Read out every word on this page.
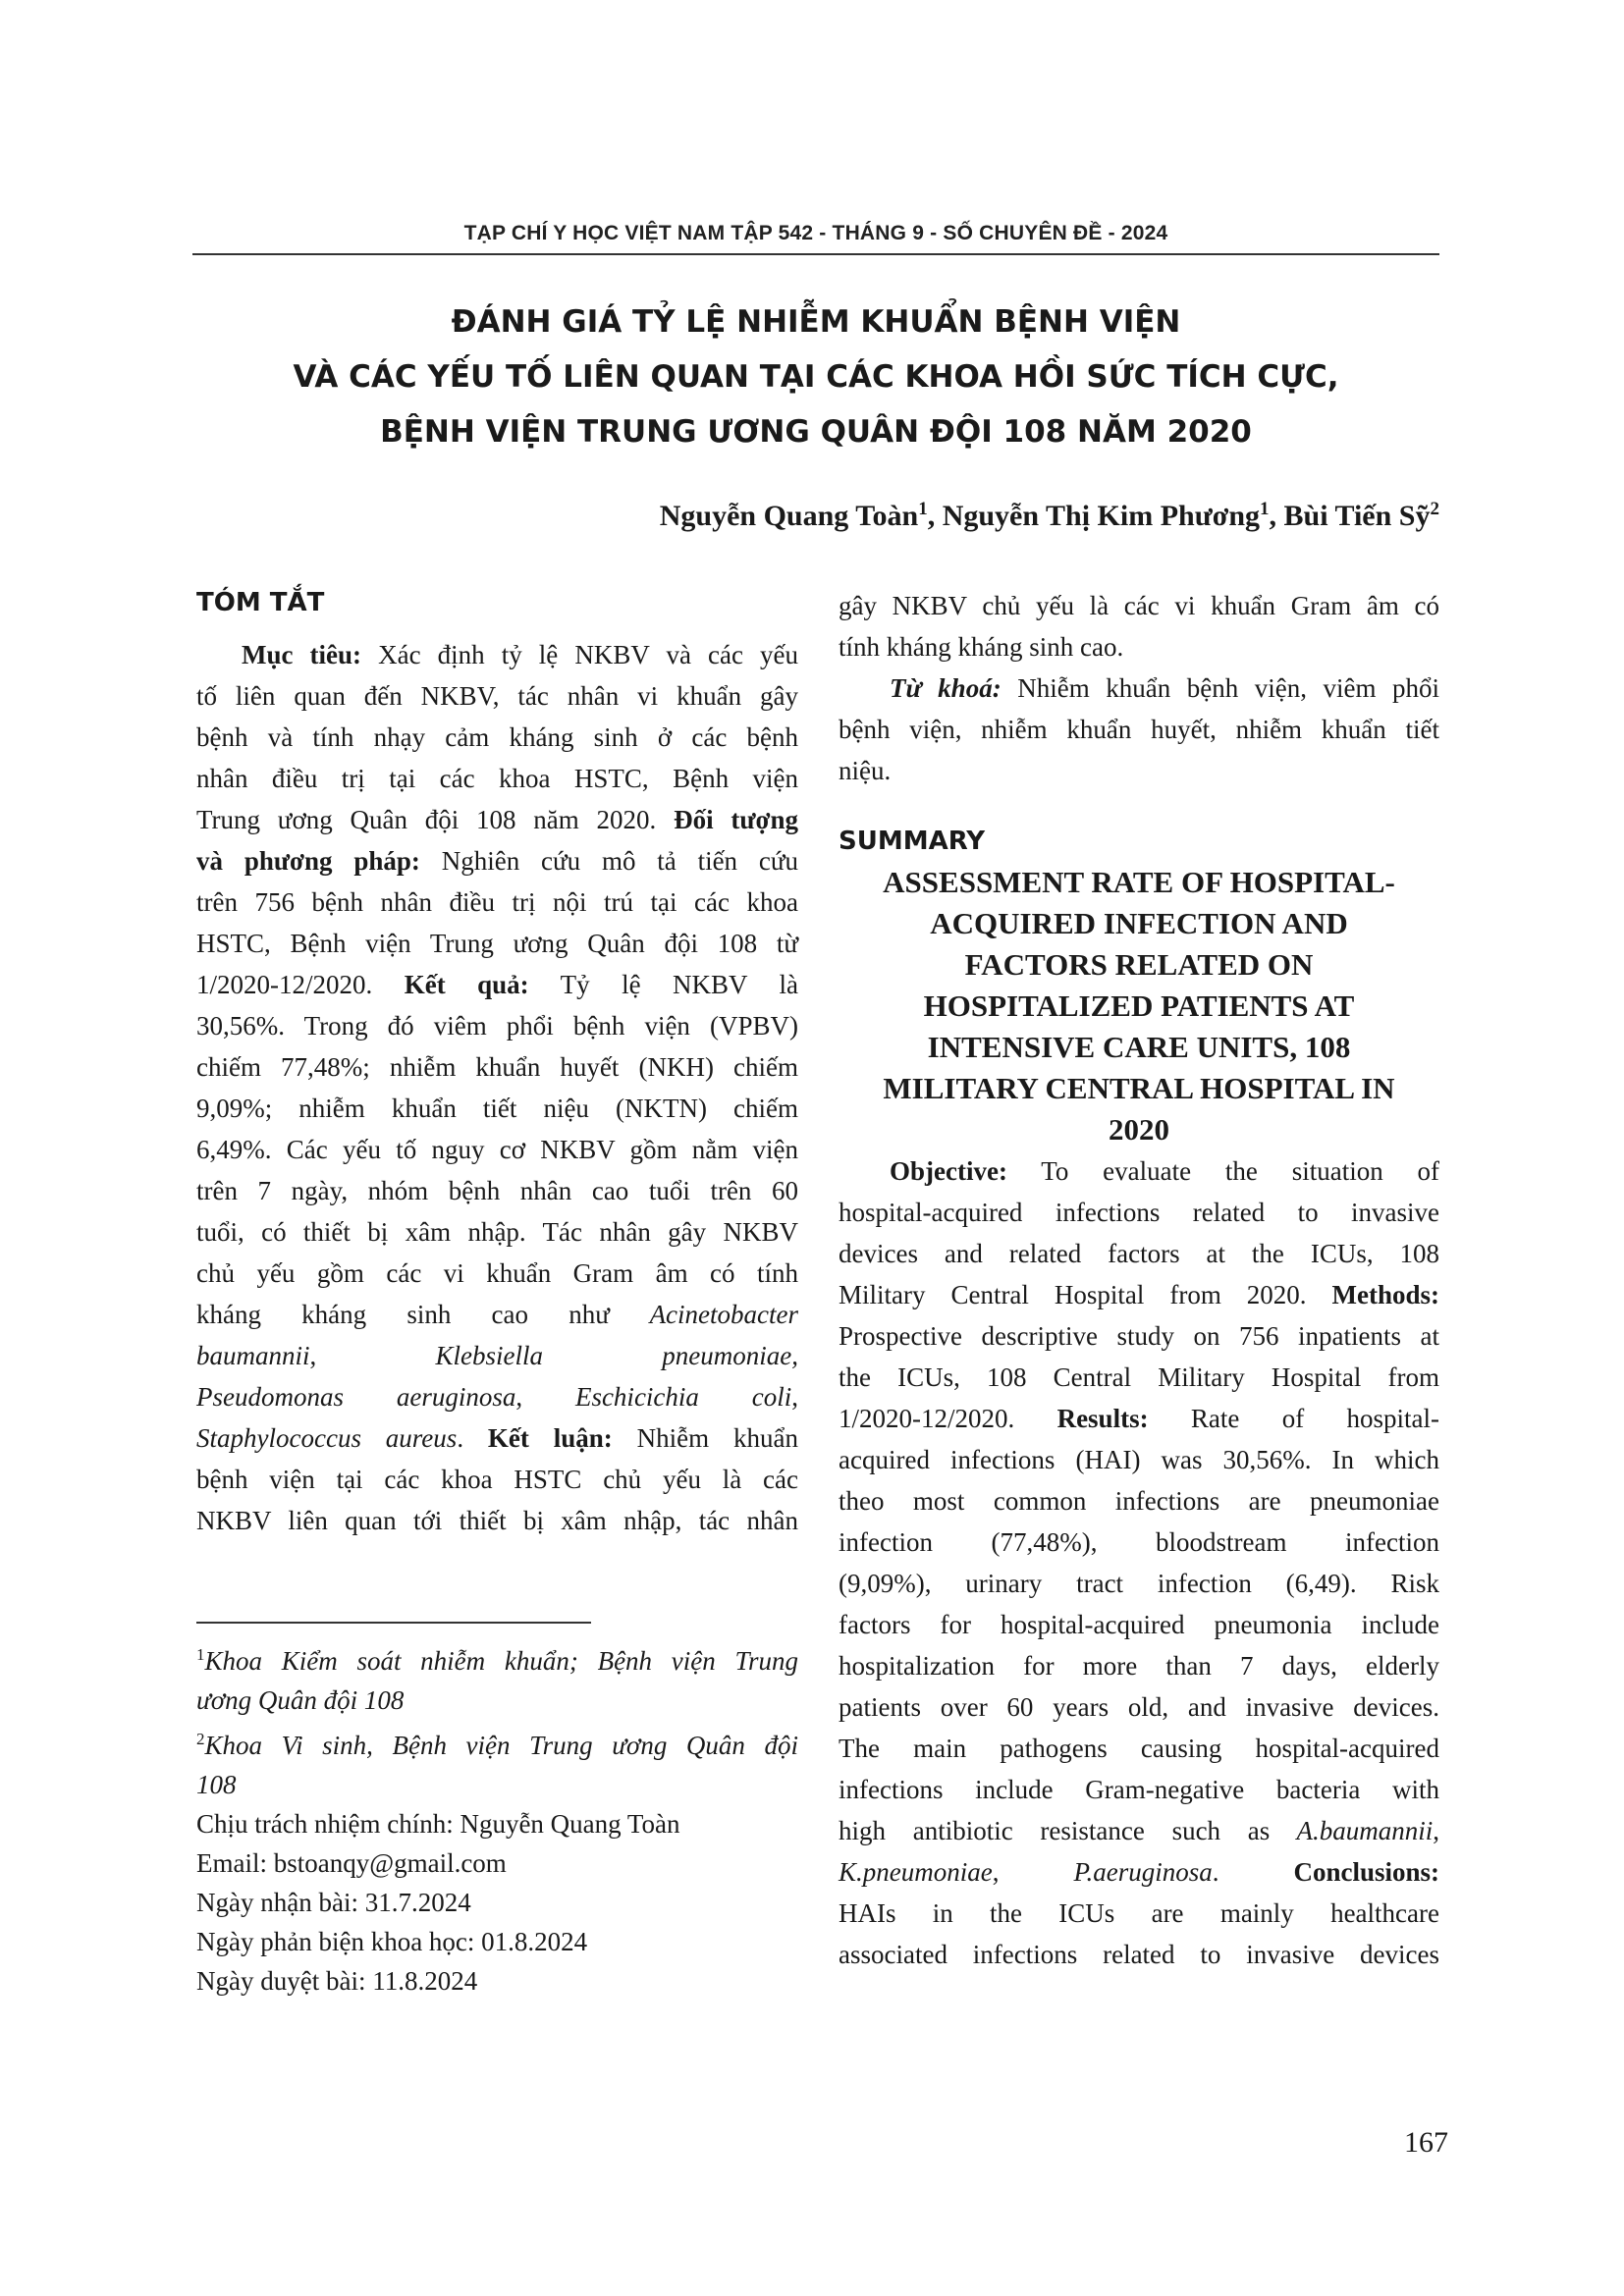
TẠP CHÍ Y HỌC VIỆT NAM TẬP 542 - THÁNG 9 - SỐ CHUYÊN ĐỀ - 2024
ĐÁNH GIÁ TỶ LỆ NHIỄM KHUẨN BỆNH VIỆN
VÀ CÁC YẾU TỐ LIÊN QUAN TẠI CÁC KHOA HỒI SỨC TÍCH CỰC,
BỆNH VIỆN TRUNG ƯƠNG QUÂN ĐỘI 108 NĂM 2020
Nguyễn Quang Toàn$^1$, Nguyễn Thị Kim Phương$^1$, Bùi Tiến Sỹ$^2$
TÓM TẮT
Mục tiêu: Xác định tỷ lệ NKBV và các yếu
tố liên quan đến NKBV, tác nhân vi khuẩn gây
bệnh và tính nhạy cảm kháng sinh ở các bệnh
nhân điều trị tại các khoa HSTC, Bệnh viện
Trung ương Quân đội 108 năm 2020. Đối tượng
và phương pháp: Nghiên cứu mô tả tiến cứu
trên 756 bệnh nhân điều trị nội trú tại các khoa
HSTC, Bệnh viện Trung ương Quân đội 108 từ
1/2020-12/2020. Kết quả: Tỷ lệ NKBV là
30,56%. Trong đó viêm phổi bệnh viện (VPBV)
chiếm 77,48%; nhiễm khuẩn huyết (NKH) chiếm
9,09%; nhiễm khuẩn tiết niệu (NKTN) chiếm
6,49%. Các yếu tố nguy cơ NKBV gồm nằm viện
trên 7 ngày, nhóm bệnh nhân cao tuổi trên 60
tuổi, có thiết bị xâm nhập. Tác nhân gây NKBV
chủ yếu gồm các vi khuẩn Gram âm có tính
kháng kháng sinh cao như Acinetobacter
baumannii,	Klebsiella	pneumoniae,
Pseudomonas aeruginosa, Eschicichia coli,
Staphylococcus aureus. Kết luận: Nhiễm khuẩn
bệnh viện tại các khoa HSTC chủ yếu là các
NKBV liên quan tới thiết bị xâm nhập, tác nhân
$^1$Khoa Kiểm soát nhiễm khuẩn; Bệnh viện Trung
ương Quân đội 108
$^2$Khoa Vi sinh, Bệnh viện Trung ương Quân đội
108
Chịu trách nhiệm chính: Nguyễn Quang Toàn
Email: bstoanqy@gmail.com
Ngày nhận bài: 31.7.2024
Ngày phản biện khoa học: 01.8.2024
Ngày duyệt bài: 11.8.2024
gây NKBV chủ yếu là các vi khuẩn Gram âm có
tính kháng kháng sinh cao.
Từ khoá: Nhiễm khuẩn bệnh viện, viêm phổi
bệnh viện, nhiễm khuẩn huyết, nhiễm khuẩn tiết
niệu.
SUMMARY
ASSESSMENT RATE OF HOSPITAL-
ACQUIRED INFECTION AND
FACTORS RELATED ON
HOSPITALIZED PATIENTS AT
INTENSIVE CARE UNITS, 108
MILITARY CENTRAL HOSPITAL IN
2020
Objective: To evaluate the situation of
hospital-acquired infections related to invasive
devices and related factors at the ICUs, 108
Military Central Hospital from 2020. Methods:
Prospective descriptive study on 756 inpatients at
the ICUs, 108 Central Military Hospital from
1/2020-12/2020. Results: Rate of hospital-
acquired infections (HAI) was 30,56%. In which
theo most common infections are pneumoniae
infection (77,48%), bloodstream infection
(9,09%), urinary tract infection (6,49). Risk
factors for hospital-acquired pneumonia include
hospitalization for more than 7 days, elderly
patients over 60 years old, and invasive devices.
The main pathogens causing hospital-acquired
infections include Gram-negative bacteria with
high antibiotic resistance such as A.baumannii,
K.pneumoniae,	P.aeruginosa.	Conclusions:
HAIs in the ICUs are mainly healthcare
associated infections related to invasive devices
167
